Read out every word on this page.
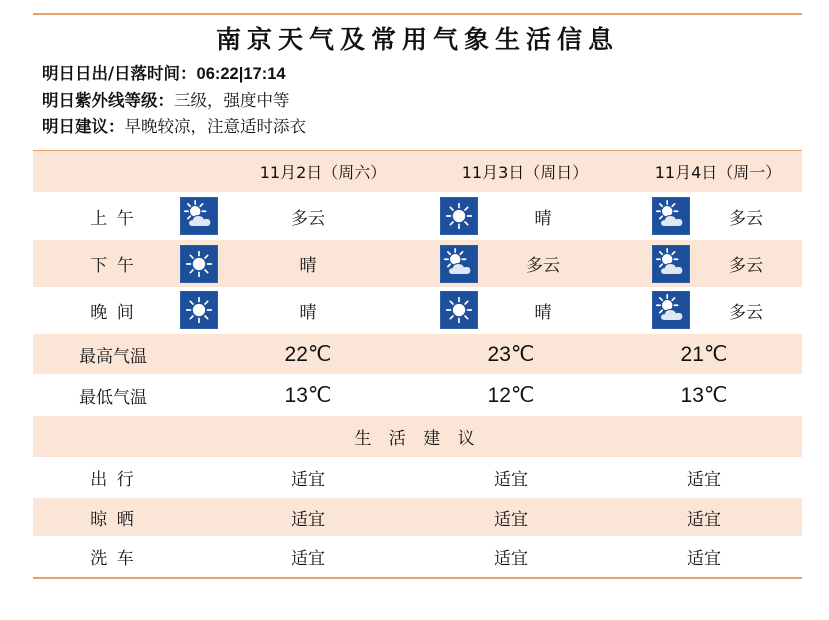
南京天气及常用气象生活信息
明日日出/日落时间：06:22|17:14
明日紫外线等级：三级，强度中等
明日建议：早晚较凉，注意适时添衣
11月2日（周六）	11月3日（周日）	11月4日（周一）
上 午	多云	晴	多云
下 午	晴	多云	多云
晚 间	晴	晴	多云
最高气温	22℃	23℃	21℃
最低气温	13℃	12℃	13℃
生 活 建 议
出 行	适宜	适宜	适宜
晾 晒	适宜	适宜	适宜
洗 车	适宜	适宜	适宜
